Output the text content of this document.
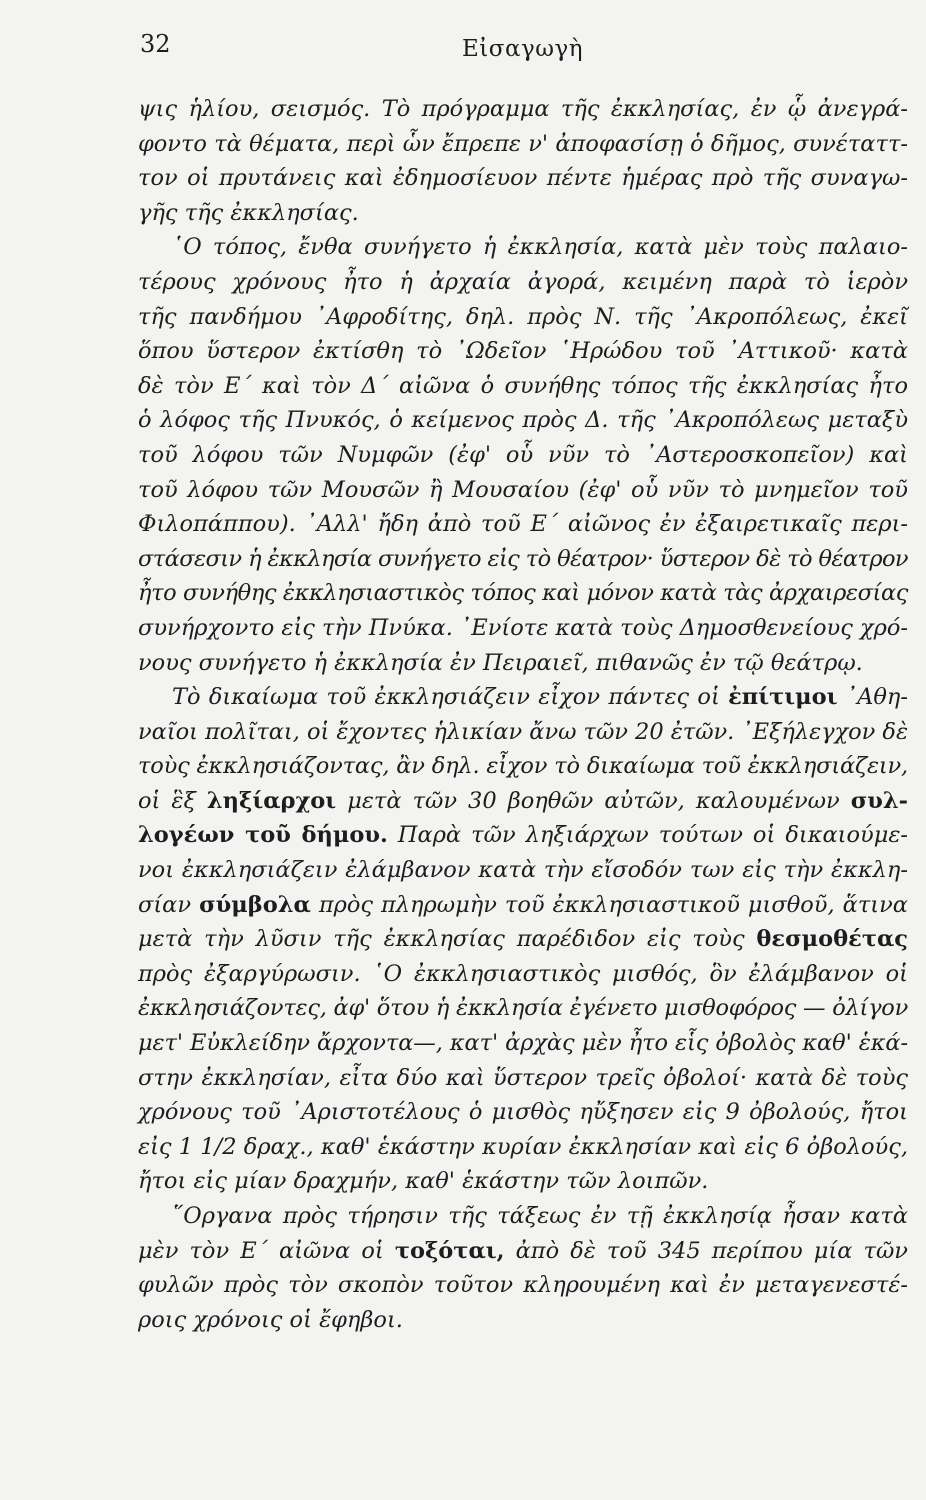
32	Εἰσαγωγὴ
ψις ἡλίου, σεισμός. Τὸ πρόγραμμα τῆς ἐκκλησίας, ἐν ᾧ ἀνεγρά-
φοντο τὰ θέματα, περὶ ὧν ἔπρεπε ν' ἀποφασίσῃ ὁ δῆμος, συνέταττ-
τον οἱ πρυτάνεις καὶ ἐδημοσίευον πέντε ἡμέρας πρὸ τῆς συναγω-
γῆς τῆς ἐκκλησίας.
῾Ο τόπος, ἔνθα συνήγετο ἡ ἐκκλησία, κατὰ μὲν τοὺς παλαιο-
τέρους χρόνους ἦτο ἡ ἀρχαία ἀγορά, κειμένη παρὰ τὸ ἱερὸν
τῆς πανδήμου ᾿Αφροδίτης, δηλ. πρὸς Ν. τῆς ᾿Ακροπόλεως, ἐκεῖ
ὅπου ὕστερον ἐκτίσθη τὸ ᾿Ωδεῖον ῾Ηρώδου τοῦ ᾿Αττικοῦ· κατὰ
δὲ τὸν Ε΄ καὶ τὸν Δ΄ αἰῶνα ὁ συνήθης τόπος τῆς ἐκκλησίας ἦτο
ὁ λόφος τῆς Πνυκός, ὁ κείμενος πρὸς Δ. τῆς ᾿Ακροπόλεως μεταξὺ
τοῦ λόφου τῶν Νυμφῶν (ἐφ' οὗ νῦν τὸ ᾿Αστεροσκοπεῖον) καὶ
τοῦ λόφου τῶν Μουσῶν ἢ Μουσαίου (ἐφ' οὗ νῦν τὸ μνημεῖον τοῦ
Φιλοπάππου). ᾿Αλλ' ἤδη ἀπὸ τοῦ Ε΄ αἰῶνος ἐν ἐξαιρετικαῖς περι-
στάσεσιν ἡ ἐκκλησία συνήγετο εἰς τὸ θέατρον· ὕστερον δὲ τὸ θέατρον
ἦτο συνήθης ἐκκλησιαστικὸς τόπος καὶ μόνον κατὰ τὰς ἀρχαιρεσίας
συνήρχοντο εἰς τὴν Πνύκα. ᾿Ενίοτε κατὰ τοὺς Δημοσθενείους χρό-
νους συνήγετο ἡ ἐκκλησία ἐν Πειραιεῖ, πιθανῶς ἐν τῷ θεάτρῳ.
Τὸ δικαίωμα τοῦ ἐκκλησιάζειν εἶχον πάντες οἱ ἐπίτιμοι ᾿Αθη-
ναῖοι πολῖται, οἱ ἔχοντες ἡλικίαν ἄνω τῶν 20 ἐτῶν. ᾿Εξήλεγχον δὲ
τοὺς ἐκκλησιάζοντας, ἂν δηλ. εἶχον τὸ δικαίωμα τοῦ ἐκκλησιάζειν,
οἱ ἓξ ληξίαρχοι μετὰ τῶν 30 βοηθῶν αὐτῶν, καλουμένων συλ-
λογέων τοῦ δήμου. Παρὰ τῶν ληξιάρχων τούτων οἱ δικαιούμε-
νοι ἐκκλησιάζειν ἐλάμβανον κατὰ τὴν εἴσοδόν των εἰς τὴν ἐκκλη-
σίαν σύμβολα πρὸς πληρωμὴν τοῦ ἐκκλησιαστικοῦ μισθοῦ, ἅτινα
μετὰ τὴν λῦσιν τῆς ἐκκλησίας παρέδιδον εἰς τοὺς θεσμοθέτας
πρὸς ἐξαργύρωσιν. ῾Ο ἐκκλησιαστικὸς μισθός, ὃν ἐλάμβανον οἱ
ἐκκλησιάζοντες, ἀφ' ὅτου ἡ ἐκκλησία ἐγένετο μισθοφόρος — ὀλίγον
μετ' Εὐκλείδην ἄρχοντα—, κατ' ἀρχὰς μὲν ἦτο εἷς ὀβολὸς καθ' ἑκά-
στην ἐκκλησίαν, εἶτα δύο καὶ ὕστερον τρεῖς ὀβολοί· κατὰ δὲ τοὺς
χρόνους τοῦ ᾿Αριστοτέλους ὁ μισθὸς ηὔξησεν εἰς 9 ὀβολούς, ἤτοι
εἰς 1 1/2 δραχ., καθ' ἑκάστην κυρίαν ἐκκλησίαν καὶ εἰς 6 ὀβολούς,
ἤτοι εἰς μίαν δραχμήν, καθ' ἑκάστην τῶν λοιπῶν.
῞Οργανα πρὸς τήρησιν τῆς τάξεως ἐν τῇ ἐκκλησίᾳ ἦσαν κατὰ
μὲν τὸν Ε΄ αἰῶνα οἱ τοξόται, ἀπὸ δὲ τοῦ 345 περίπου μία τῶν
φυλῶν πρὸς τὸν σκοπὸν τοῦτον κληρουμένη καὶ ἐν μεταγενεστέ-
ροις χρόνοις οἱ ἔφηβοι.
